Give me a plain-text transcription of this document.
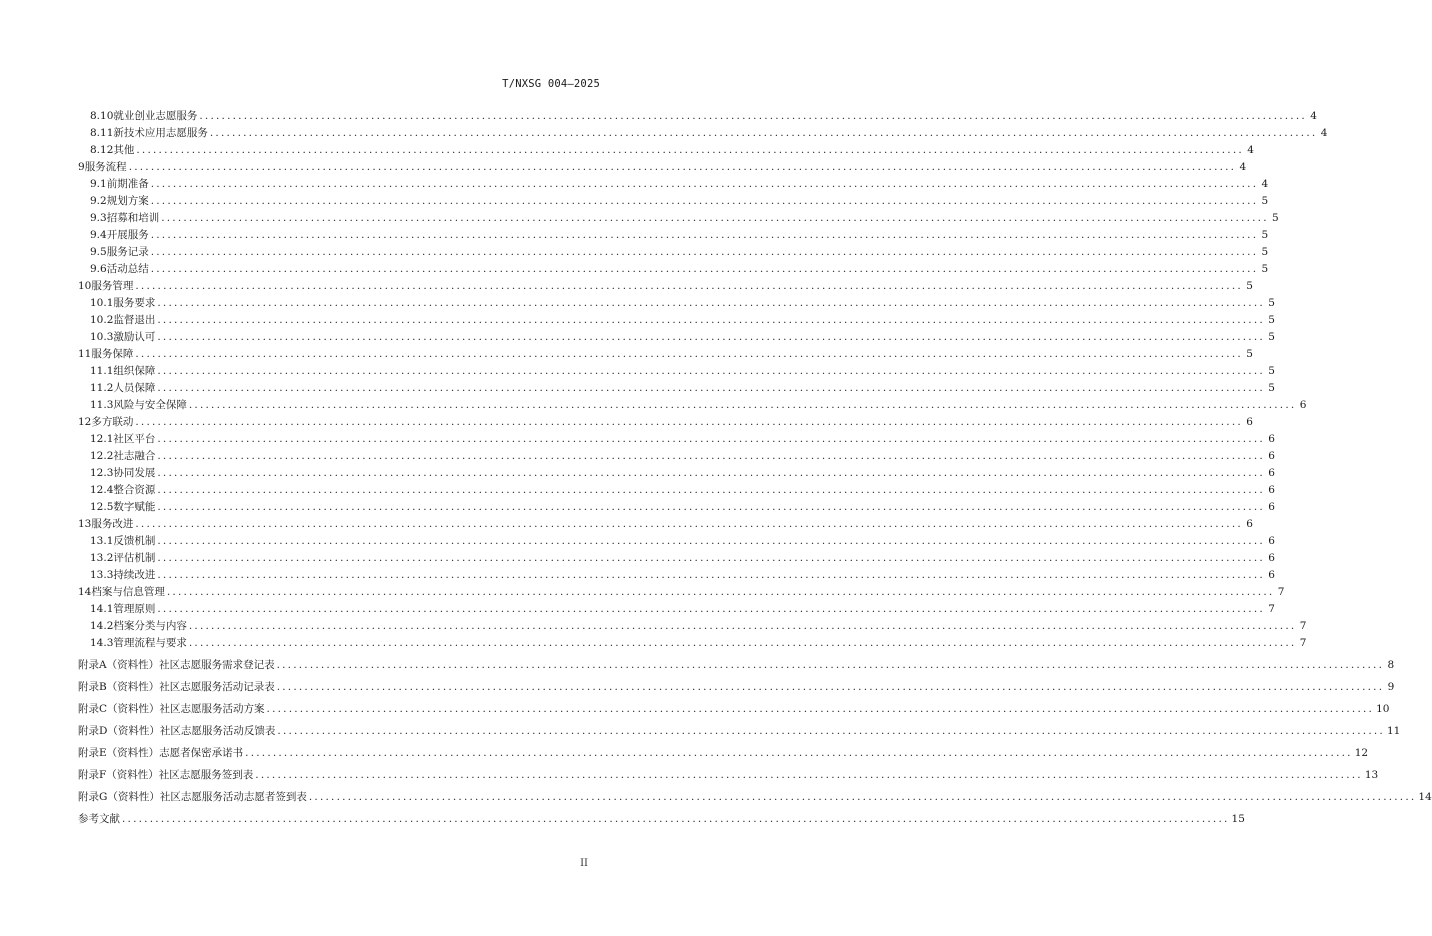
T/NXSG 004—2025
8.10 就业创业志愿服务 ........................................................................................................................................................................................................ 4
8.11 新技术应用志愿服务 ........................................................................................................................................................................................................ 4
8.12 其他 ........................................................................................................................................................................................................ 4
9 服务流程 ........................................................................................................................................................................................................ 4
9.1 前期准备 ........................................................................................................................................................................................................ 4
9.2 规划方案 ........................................................................................................................................................................................................ 5
9.3 招募和培训 ........................................................................................................................................................................................................ 5
9.4 开展服务 ........................................................................................................................................................................................................ 5
9.5 服务记录 ........................................................................................................................................................................................................ 5
9.6 活动总结 ........................................................................................................................................................................................................ 5
10 服务管理 ........................................................................................................................................................................................................ 5
10.1 服务要求 ........................................................................................................................................................................................................ 5
10.2 监督退出 ........................................................................................................................................................................................................ 5
10.3 激励认可 ........................................................................................................................................................................................................ 5
11 服务保障 ........................................................................................................................................................................................................ 5
11.1 组织保障 ........................................................................................................................................................................................................ 5
11.2 人员保障 ........................................................................................................................................................................................................ 5
11.3 风险与安全保障 ........................................................................................................................................................................................................ 6
12 多方联动 ........................................................................................................................................................................................................ 6
12.1 社区平台 ........................................................................................................................................................................................................ 6
12.2 社志融合 ........................................................................................................................................................................................................ 6
12.3 协同发展 ........................................................................................................................................................................................................ 6
12.4 整合资源 ........................................................................................................................................................................................................ 6
12.5 数字赋能 ........................................................................................................................................................................................................ 6
13 服务改进 ........................................................................................................................................................................................................ 6
13.1 反馈机制 ........................................................................................................................................................................................................ 6
13.2 评估机制 ........................................................................................................................................................................................................ 6
13.3 持续改进 ........................................................................................................................................................................................................ 6
14 档案与信息管理 ........................................................................................................................................................................................................ 7
14.1 管理原则 ........................................................................................................................................................................................................ 7
14.2 档案分类与内容 ........................................................................................................................................................................................................ 7
14.3 管理流程与要求 ........................................................................................................................................................................................................ 7
附录A（资料性） 社区志愿服务需求登记表 ........................................................................................................................................................................................................ 8
附录B（资料性） 社区志愿服务活动记录表 ........................................................................................................................................................................................................ 9
附录C（资料性） 社区志愿服务活动方案 ........................................................................................................................................................................................................ 10
附录D（资料性） 社区志愿服务活动反馈表 ........................................................................................................................................................................................................ 11
附录E（资料性） 志愿者保密承诺书 ........................................................................................................................................................................................................ 12
附录F（资料性） 社区志愿服务签到表 ........................................................................................................................................................................................................ 13
附录G（资料性） 社区志愿服务活动志愿者签到表 ........................................................................................................................................................................................................ 14
参考文献 ........................................................................................................................................................................................................ 15
II
